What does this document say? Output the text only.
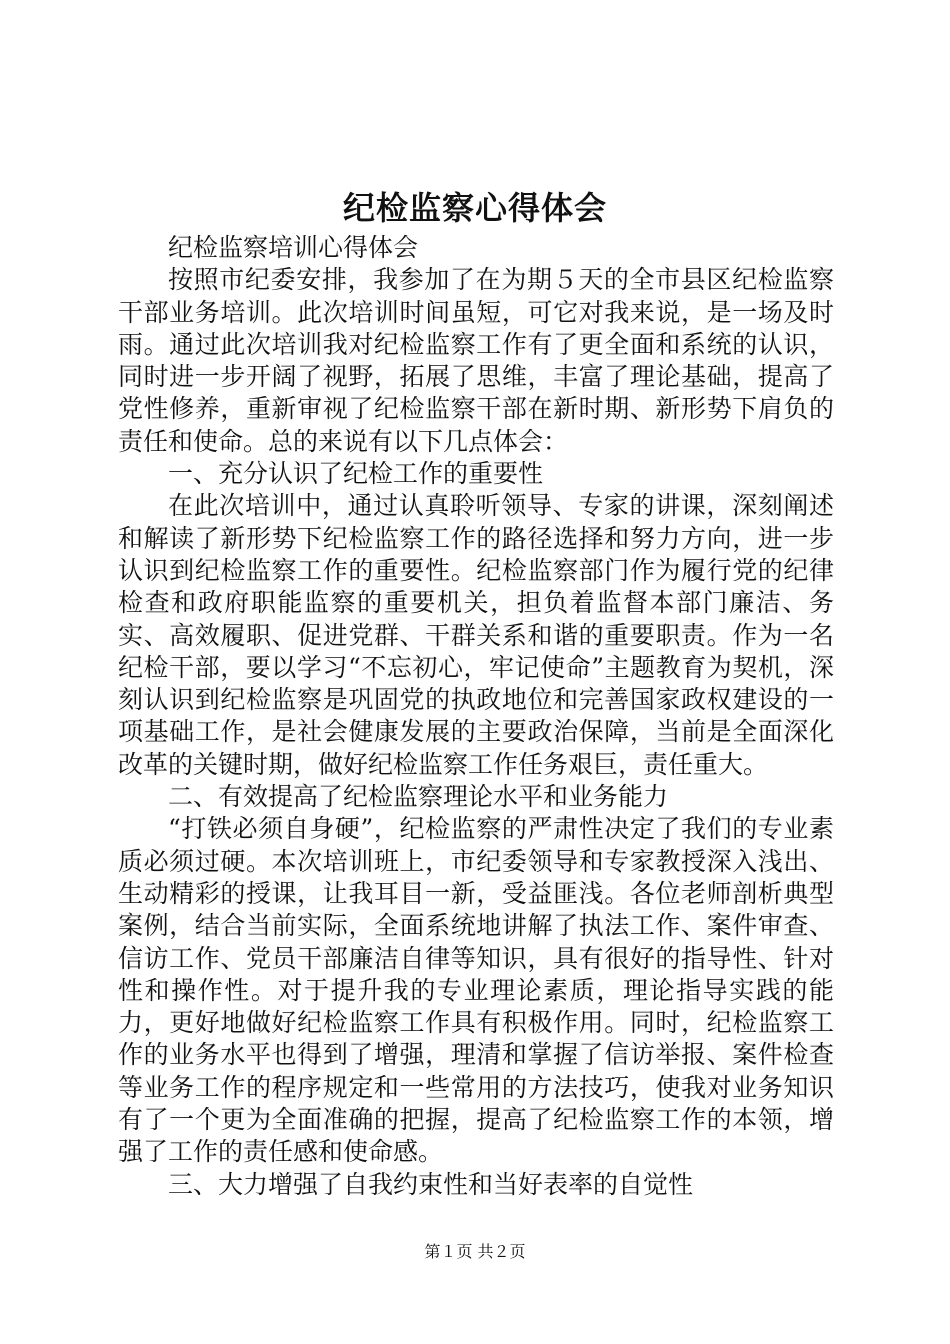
纪检监察心得体会

纪检监察培训心得体会

按照市纪委安排，我参加了在为期５天的全市县区纪检监察干部业务培训。此次培训时间虽短，可它对我来说，是一场及时雨。通过此次培训我对纪检监察工作有了更全面和系统的认识，同时进一步开阔了视野，拓展了思维，丰富了理论基础，提高了党性修养，重新审视了纪检监察干部在新时期、新形势下肩负的责任和使命。总的来说有以下几点体会：

一、充分认识了纪检工作的重要性

在此次培训中，通过认真聆听领导、专家的讲课，深刻阐述和解读了新形势下纪检监察工作的路径选择和努力方向，进一步认识到纪检监察工作的重要性。纪检监察部门作为履行党的纪律检查和政府职能监察的重要机关，担负着监督本部门廉洁、务实、高效履职、促进党群、干群关系和谐的重要职责。作为一名纪检干部，要以学习“不忘初心，牢记使命”主题教育为契机，深刻认识到纪检监察是巩固党的执政地位和完善国家政权建设的一项基础工作，是社会健康发展的主要政治保障，当前是全面深化改革的关键时期，做好纪检监察工作任务艰巨，责任重大。

二、有效提高了纪检监察理论水平和业务能力

“打铁必须自身硬”，纪检监察的严肃性决定了我们的专业素质必须过硬。本次培训班上，市纪委领导和专家教授深入浅出、生动精彩的授课，让我耳目一新，受益匪浅。各位老师剖析典型案例，结合当前实际，全面系统地讲解了执法工作、案件审查、信访工作、党员干部廉洁自律等知识，具有很好的指导性、针对性和操作性。对于提升我的专业理论素质，理论指导实践的能力，更好地做好纪检监察工作具有积极作用。同时，纪检监察工作的业务水平也得到了增强，理清和掌握了信访举报、案件检查等业务工作的程序规定和一些常用的方法技巧，使我对业务知识有了一个更为全面准确的把握，提高了纪检监察工作的本领，增强了工作的责任感和使命感。

三、大力增强了自我约束性和当好表率的自觉性

第１页 共２页
